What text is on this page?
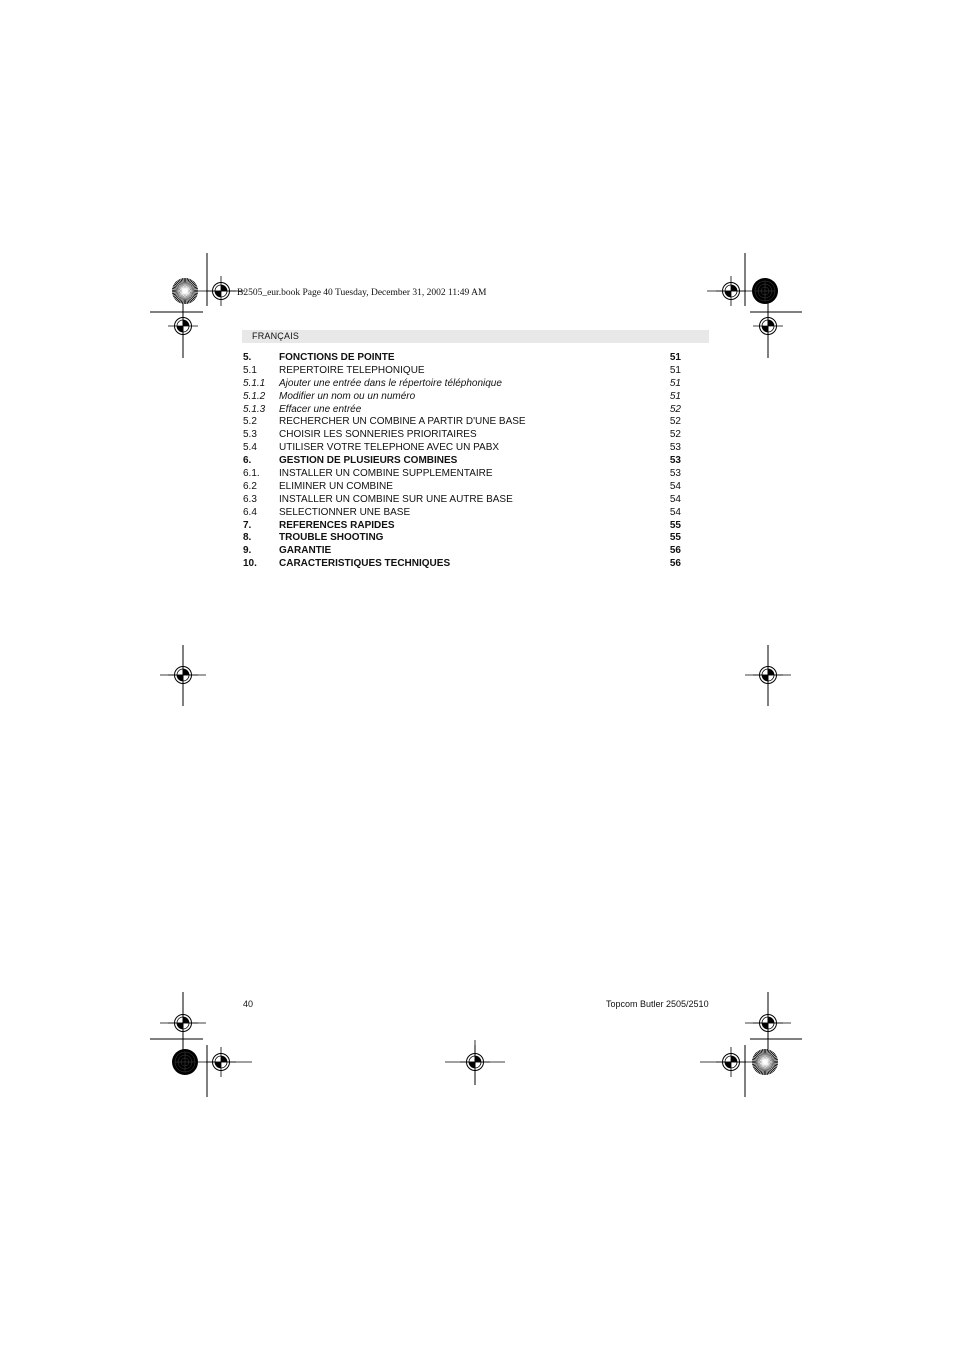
B2505_eur.book Page 40 Tuesday, December 31, 2002 11:49 AM
FRANÇAIS
5.	FONCTIONS DE POINTE	51
5.1 REPERTOIRE TELEPHONIQUE	51
5.1.1 Ajouter une entrée dans le répertoire téléphonique	51
5.1.2 Modifier un nom ou un numéro	51
5.1.3 Effacer une entrée	52
5.2 RECHERCHER UN COMBINE A PARTIR D'UNE BASE	52
5.3 CHOISIR LES SONNERIES PRIORITAIRES	52
5.4 UTILISER VOTRE TELEPHONE AVEC UN PABX	53
6.	GESTION DE PLUSIEURS COMBINES	53
6.1. INSTALLER UN COMBINE SUPPLEMENTAIRE	53
6.2 ELIMINER UN COMBINE	54
6.3 INSTALLER UN COMBINE SUR UNE AUTRE BASE	54
6.4 SELECTIONNER UNE BASE	54
7.	REFERENCES RAPIDES	55
8.	TROUBLE SHOOTING	55
9.	GARANTIE	56
10. CARACTERISTIQUES TECHNIQUES	56
40	Topcom Butler 2505/2510
